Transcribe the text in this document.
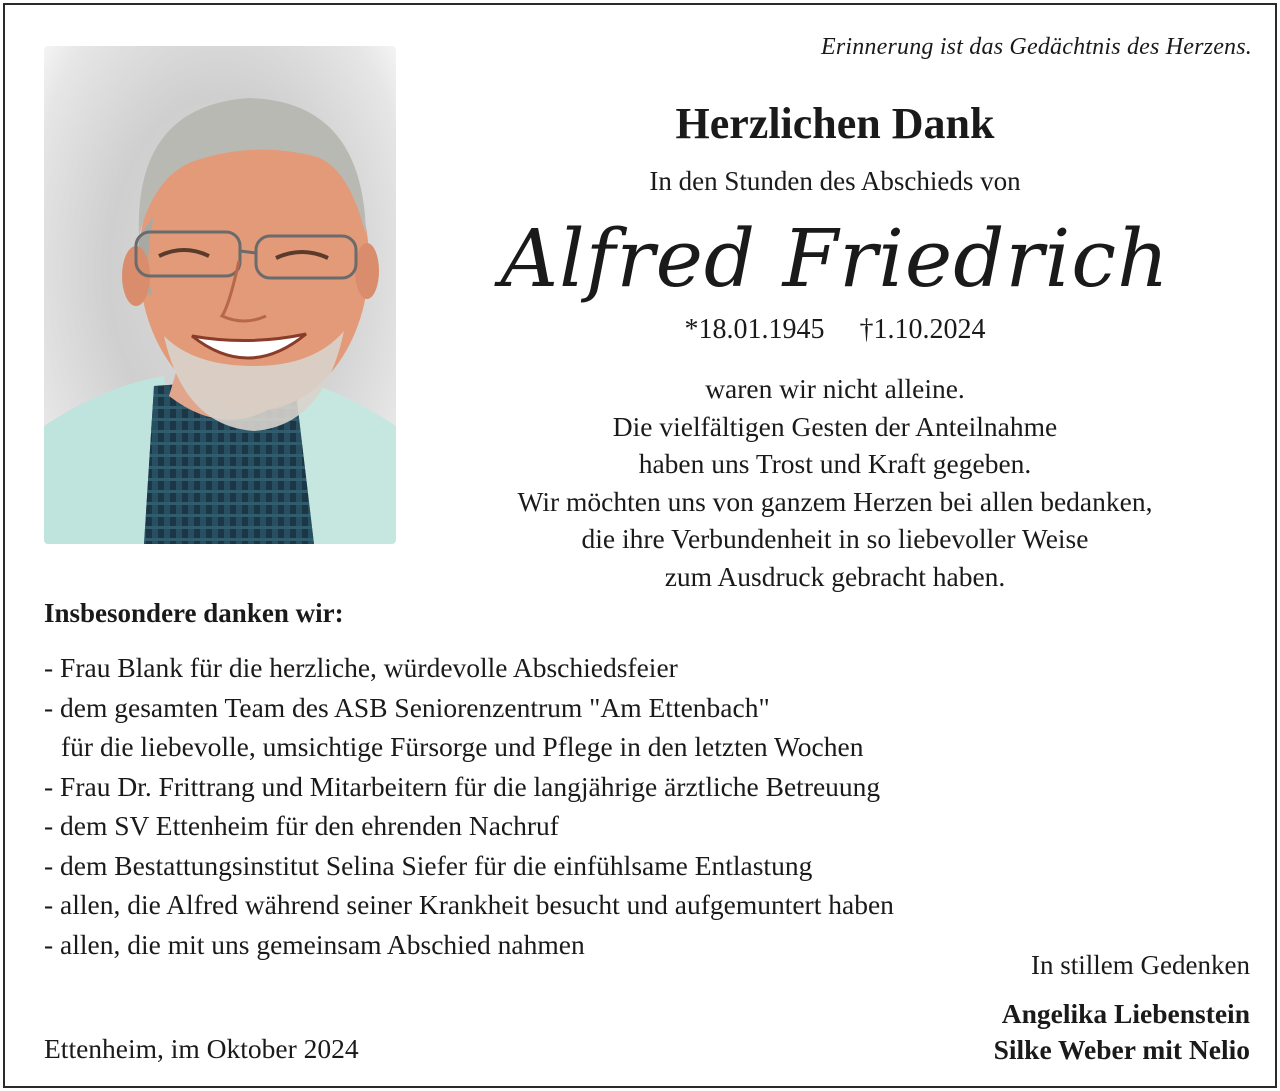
Erinnerung ist das Gedächtnis des Herzens.
Herzlichen Dank
In den Stunden des Abschieds von
Alfred Friedrich
*18.01.1945 †1.10.2024
waren wir nicht alleine.
Die vielfältigen Gesten der Anteilnahme
haben uns Trost und Kraft gegeben.
Wir möchten uns von ganzem Herzen bei allen bedanken,
die ihre Verbundenheit in so liebevoller Weise
zum Ausdruck gebracht haben.
Insbesondere danken wir:
- Frau Blank für die herzliche, würdevolle Abschiedsfeier
- dem gesamten Team des ASB Seniorenzentrum "Am Ettenbach"
für die liebevolle, umsichtige Fürsorge und Pflege in den letzten Wochen
- Frau Dr. Frittrang und Mitarbeitern für die langjährige ärztliche Betreuung
- dem SV Ettenheim für den ehrenden Nachruf
- dem Bestattungsinstitut Selina Siefer für die einfühlsame Entlastung
- allen, die Alfred während seiner Krankheit besucht und aufgemuntert haben
- allen, die mit uns gemeinsam Abschied nahmen
In stillem Gedenken
Angelika Liebenstein
Silke Weber mit Nelio
Ettenheim, im Oktober 2024
